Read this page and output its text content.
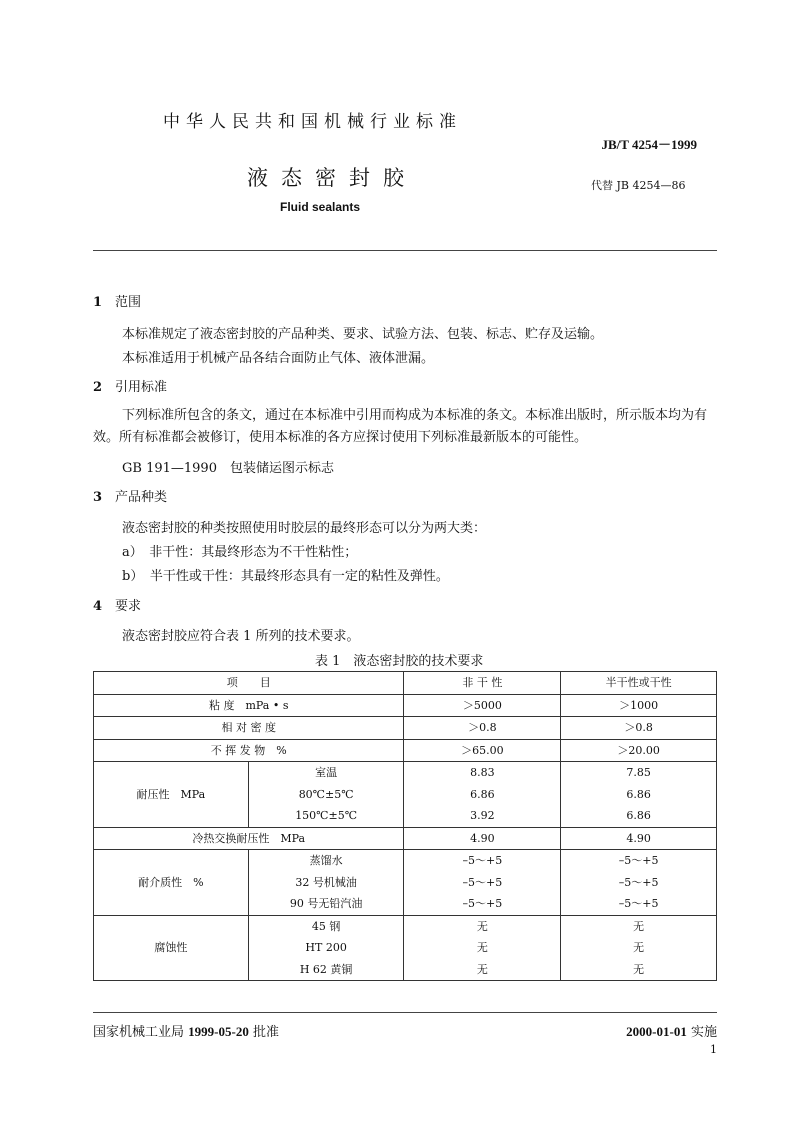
中华人民共和国机械行业标准
JB/T 4254－1999
液态密封胶	代替 JB 4254—86
Fluid sealants
1 范围
本标准规定了液态密封胶的产品种类、要求、试验方法、包装、标志、贮存及运输。
本标准适用于机械产品各结合面防止气体、液体泄漏。
2 引用标准
下列标准所包含的条文，通过在本标准中引用而构成为本标准的条文。本标准出版时，所示版本均为有效。所有标准都会被修订，使用本标准的各方应探讨使用下列标准最新版本的可能性。
GB 191—1990　包装储运图示标志
3 产品种类
液态密封胶的种类按照使用时胶层的最终形态可以分为两大类：
a）　非干性：其最终形态为不干性粘性；
b）　半干性或干性：其最终形态具有一定的粘性及弹性。
4 要求
液态密封胶应符合表 1 所列的技术要求。
表 1　液态密封胶的技术要求
项　　目		非 干 性	半干性或干性
粘 度　mPa • s		＞5000	＞1000
相 对 密 度		＞0.8	＞0.8
不 挥 发 物　%		＞65.00	＞20.00
耐压性　MPa	室温	8.83	7.85
	80℃±5℃	6.86	6.86
	150℃±5℃	3.92	6.86
冷热交换耐压性　MPa		4.90	4.90
耐介质性　%	蒸馏水	–5～+5	–5～+5
	32 号机械油	–5～+5	–5～+5
	90 号无铅汽油	–5～+5	–5～+5
腐蚀性	45 钢	无	无
	HT 200	无	无
	H 62 黄铜	无	无
国家机械工业局 1999-05-20 批准	2000-01-01 实施
1
